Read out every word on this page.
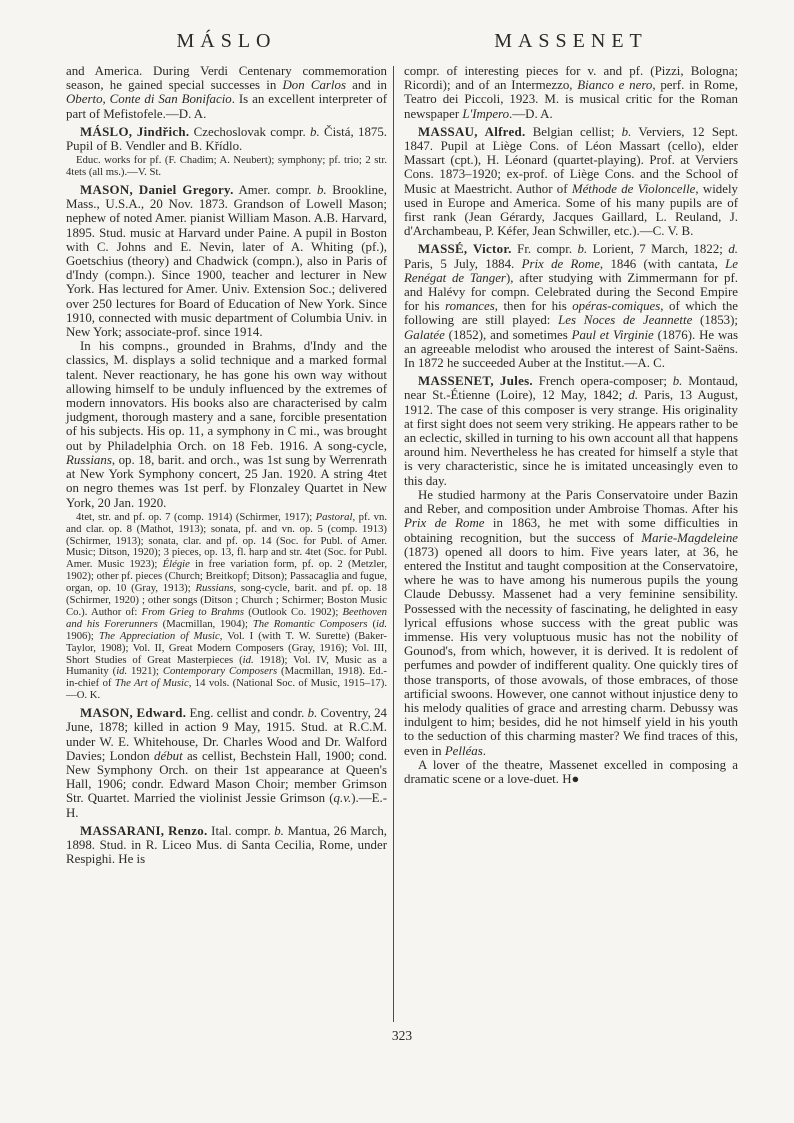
MÁSLO	MASSENET

and America. During Verdi Centenary commemoration season, he gained special successes in Don Carlos and in Oberto, Conte di San Bonifacio. Is an excellent interpreter of part of Mefistofele.—D. A.

MÁSLO, Jindřich. Czechoslovak compr. b. Čistá, 1875. Pupil of B. Vendler and B. Křídlo.

Educ. works for pf. (F. Chadim; A. Neubert); symphony; pf. trio; 2 str. 4tets (all ms.).—V. St.

MASON, Daniel Gregory. Amer. compr. b. Brookline, Mass., U.S.A., 20 Nov. 1873. Grandson of Lowell Mason; nephew of noted Amer. pianist William Mason. A.B. Harvard, 1895. Stud. music at Harvard under Paine. A pupil in Boston with C. Johns and E. Nevin, later of A. Whiting (pf.), Goetschius (theory) and Chadwick (compn.), also in Paris of d'Indy (compn.). Since 1900, teacher and lecturer in New York. Has lectured for Amer. Univ. Extension Soc.; delivered over 250 lectures for Board of Education of New York. Since 1910, connected with music department of Columbia Univ. in New York; associate-prof. since 1914.

In his compns., grounded in Brahms, d'Indy and the classics, M. displays a solid technique and a marked formal talent. Never reactionary, he has gone his own way without allowing himself to be unduly influenced by the extremes of modern innovators. His books also are characterised by calm judgment, thorough mastery and a sane, forcible presentation of his subjects. His op. 11, a symphony in C mi., was brought out by Philadelphia Orch. on 18 Feb. 1916. A song-cycle, Russians, op. 18, barit. and orch., was 1st sung by Werrenrath at New York Symphony concert, 25 Jan. 1920. A string 4tet on negro themes was 1st perf. by Flonzaley Quartet in New York, 20 Jan. 1920.

4tet, str. and pf. op. 7 (comp. 1914) (Schirmer, 1917); Pastoral, pf. vn. and clar. op. 8 (Mathot, 1913); sonata, pf. and vn. op. 5 (comp. 1913) (Schirmer, 1913); sonata, clar. and pf. op. 14 (Soc. for Publ. of Amer. Music; Ditson, 1920); 3 pieces, op. 13, fl. harp and str. 4tet (Soc. for Publ. Amer. Music 1923); Élégie in free variation form, pf. op. 2 (Metzler, 1902); other pf. pieces (Church; Breitkopf; Ditson); Passacaglia and fugue, organ, op. 10 (Gray, 1913); Russians, song-cycle, barit. and pf. op. 18 (Schirmer, 1920) ; other songs (Ditson ; Church ; Schirmer; Boston Music Co.). Author of: From Grieg to Brahms (Outlook Co. 1902); Beethoven and his Forerunners (Macmillan, 1904); The Romantic Composers (id. 1906); The Appreciation of Music, Vol. I (with T. W. Surette) (Baker-Taylor, 1908); Vol. II, Great Modern Composers (Gray, 1916); Vol. III, Short Studies of Great Masterpieces (id. 1918); Vol. IV, Music as a Humanity (id. 1921); Contemporary Composers (Macmillan, 1918). Ed.-in-chief of The Art of Music, 14 vols. (National Soc. of Music, 1915–17).—O. K.

MASON, Edward. Eng. cellist and condr. b. Coventry, 24 June, 1878; killed in action 9 May, 1915. Stud. at R.C.M. under W. E. Whitehouse, Dr. Charles Wood and Dr. Walford Davies; London début as cellist, Bechstein Hall, 1900; cond. New Symphony Orch. on their 1st appearance at Queen's Hall, 1906; condr. Edward Mason Choir; member Grimson Str. Quartet. Married the violinist Jessie Grimson (q.v.).—E.-H.

MASSARANI, Renzo. Ital. compr. b. Mantua, 26 March, 1898. Stud. in R. Liceo Mus. di Santa Cecilia, Rome, under Respighi. He is

compr. of interesting pieces for v. and pf. (Pizzi, Bologna; Ricordi); and of an Intermezzo, Bianco e nero, perf. in Rome, Teatro dei Piccoli, 1923. M. is musical critic for the Roman newspaper L'Impero.—D. A.

MASSAU, Alfred. Belgian cellist; b. Verviers, 12 Sept. 1847. Pupil at Liège Cons. of Léon Massart (cello), elder Massart (cpt.), H. Léonard (quartet-playing). Prof. at Verviers Cons. 1873–1920; ex-prof. of Liège Cons. and the School of Music at Maestricht. Author of Méthode de Violoncelle, widely used in Europe and America. Some of his many pupils are of first rank (Jean Gérardy, Jacques Gaillard, L. Reuland, J. d'Archambeau, P. Kéfer, Jean Schwiller, etc.).—C. V. B.

MASSÉ, Victor. Fr. compr. b. Lorient, 7 March, 1822; d. Paris, 5 July, 1884. Prix de Rome, 1846 (with cantata, Le Renégat de Tanger), after studying with Zimmermann for pf. and Halévy for compn. Celebrated during the Second Empire for his romances, then for his opéras-comiques, of which the following are still played: Les Noces de Jeannette (1853); Galatée (1852), and sometimes Paul et Virginie (1876). He was an agreeable melodist who aroused the interest of Saint-Saëns. In 1872 he succeeded Auber at the Institut.—A. C.

MASSENET, Jules. French opera-composer; b. Montaud, near St.-Étienne (Loire), 12 May, 1842; d. Paris, 13 August, 1912. The case of this composer is very strange. His originality at first sight does not seem very striking. He appears rather to be an eclectic, skilled in turning to his own account all that happens around him. Nevertheless he has created for himself a style that is very characteristic, since he is imitated unceasingly even to this day.

He studied harmony at the Paris Conservatoire under Bazin and Reber, and composition under Ambroise Thomas. After his Prix de Rome in 1863, he met with some difficulties in obtaining recognition, but the success of Marie-Magdeleine (1873) opened all doors to him. Five years later, at 36, he entered the Institut and taught composition at the Conservatoire, where he was to have among his numerous pupils the young Claude Debussy. Massenet had a very feminine sensibility. Possessed with the necessity of fascinating, he delighted in easy lyrical effusions whose success with the great public was immense. His very voluptuous music has not the nobility of Gounod's, from which, however, it is derived. It is redolent of perfumes and powder of indifferent quality. One quickly tires of those transports, of those avowals, of those embraces, of those artificial swoons. However, one cannot without injustice deny to his melody qualities of grace and arresting charm. Debussy was indulgent to him; besides, did he not himself yield in his youth to the seduction of this charming master? We find traces of this, even in Pelléas.

A lover of the theatre, Massenet excelled in composing a dramatic scene or a love-duet. H●

323
